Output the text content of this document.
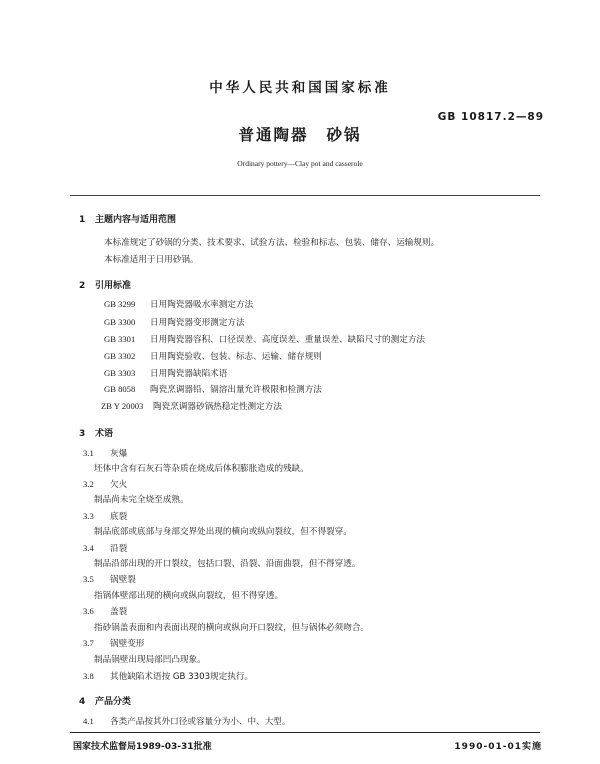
中华人民共和国国家标准
GB 10817.2—89
普通陶器 砂锅
Ordinary pottery—Clay pot and casserole
1 主题内容与适用范围
本标准规定了砂锅的分类、技术要求、试验方法、检验和标志、包装、储存、运输规则。
本标准适用于日用砂锅。
2 引用标准
GB 3299 日用陶瓷器吸水率测定方法
GB 3300 日用陶瓷器变形测定方法
GB 3301 日用陶瓷器容积、口径误差、高度误差、重量误差、缺陷尺寸的测定方法
GB 3302 日用陶瓷验收、包装、标志、运输、储存规则
GB 3303 日用陶瓷器缺陷术语
GB 8058 陶瓷烹调器铅、镉溶出量允许极限和检测方法
ZB Y 20003 陶瓷烹调器砂锅热稳定性测定方法
3 术语
3.1 灰爆
坯体中含有石灰石等杂质在烧成后体积膨胀造成的残缺。
3.2 欠火
制品尚未完全烧至成熟。
3.3 底裂
制品底部或底部与身部交界处出现的横向或纵向裂纹，但不得裂穿。
3.4 沿裂
制品沿部出现的开口裂纹，包括口裂、沿裂、沿面曲裂，但不得穿透。
3.5 锅壁裂
指锅体壁部出现的横向或纵向裂纹，但不得穿透。
3.6 盖裂
指砂锅盖表面和内表面出现的横向或纵向开口裂纹，但与锅体必须吻合。
3.7 锅壁变形
制品锅壁出现局部凹凸现象。
3.8 其他缺陷术语按 GB 3303规定执行。
4 产品分类
4.1 各类产品按其外口径或容量分为小、中、大型。
国家技术监督局1989-03-31批准	1990-01-01实施
